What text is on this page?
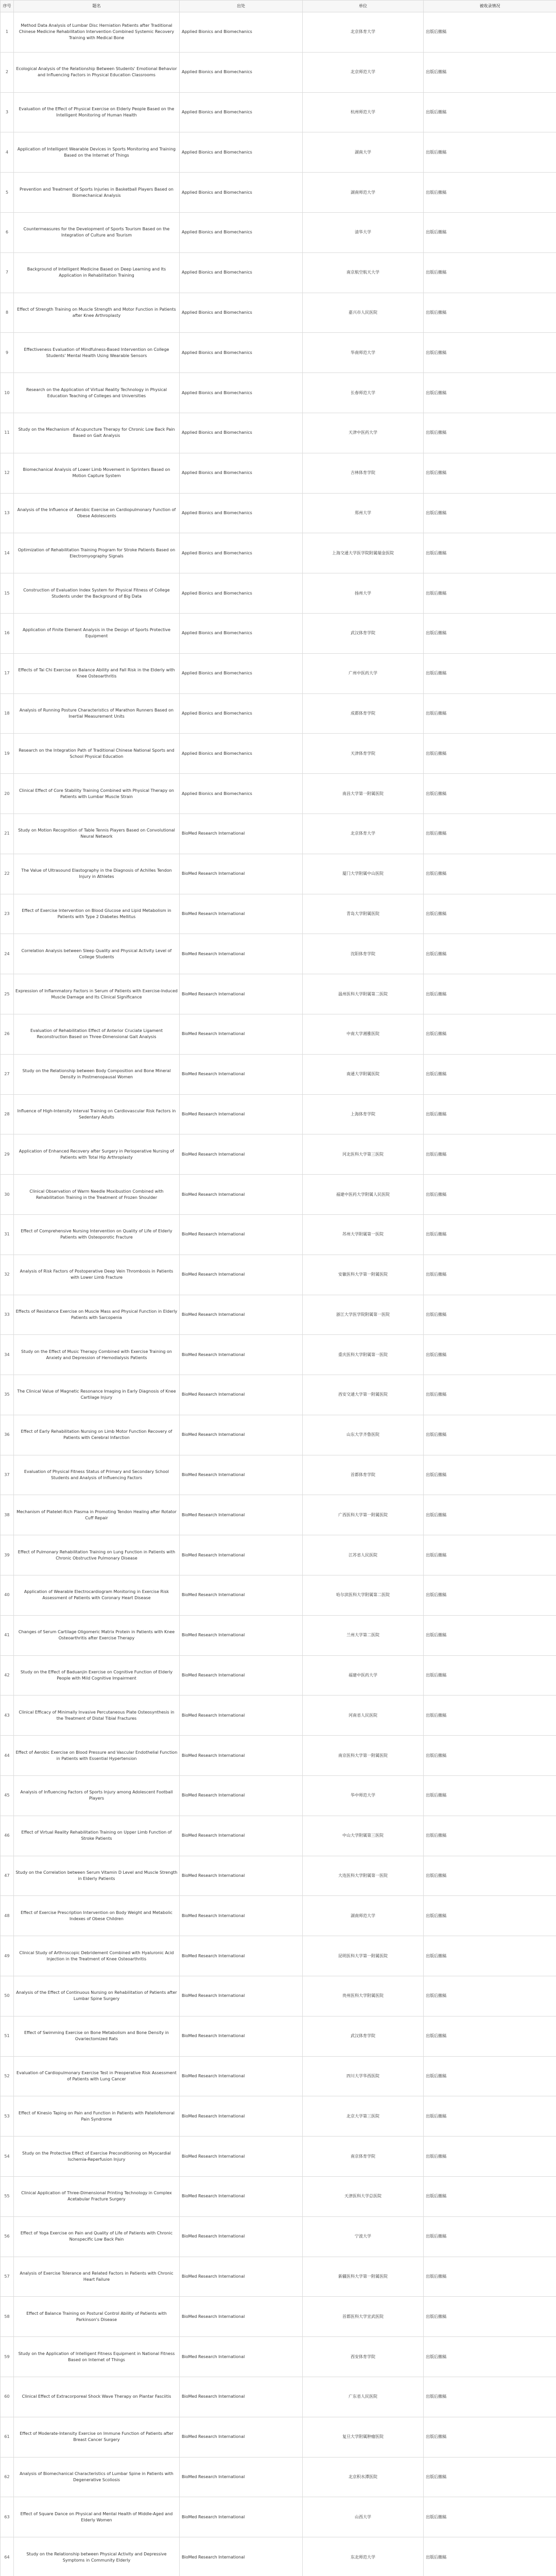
序号	题名	出处	单位	被收录情况
1	Method Data Analysis of Lumbar Disc Herniation Patients after Traditional Chinese Medicine Rehabilitation Intervention Combined Systemic Recovery Training with Medical Bone	Applied Bionics and Biomechanics	北京体育大学	出版后撤稿
2	Ecological Analysis of the Relationship Between Students' Emotional Behavior and Influencing Factors in Physical Education Classrooms	Applied Bionics and Biomechanics	北京师范大学	出版后撤稿
3	Evaluation of the Effect of Physical Exercise on Elderly People Based on the Intelligent Monitoring of Human Health	Applied Bionics and Biomechanics	杭州师范大学	出版后撤稿
4	Application of Intelligent Wearable Devices in Sports Monitoring and Training Based on the Internet of Things	Applied Bionics and Biomechanics	湖南大学	出版后撤稿
5	Prevention and Treatment of Sports Injuries in Basketball Players Based on Biomechanical Analysis	Applied Bionics and Biomechanics	湖南师范大学	出版后撤稿
6	Countermeasures for the Development of Sports Tourism Based on the Integration of Culture and Tourism	Applied Bionics and Biomechanics	清华大学	出版后撤稿
7	Background of Intelligent Medicine Based on Deep Learning and Its Application in Rehabilitation Training	Applied Bionics and Biomechanics	南京航空航天大学	出版后撤稿
8	Effect of Strength Training on Muscle Strength and Motor Function in Patients after Knee Arthroplasty	Applied Bionics and Biomechanics	嘉兴市人民医院	出版后撤稿
9	Effectiveness Evaluation of Mindfulness-Based Intervention on College Students' Mental Health Using Wearable Sensors	Applied Bionics and Biomechanics	华南师范大学	出版后撤稿
10	Research on the Application of Virtual Reality Technology in Physical Education Teaching of Colleges and Universities	Applied Bionics and Biomechanics	长春师范大学	出版后撤稿
11	Study on the Mechanism of Acupuncture Therapy for Chronic Low Back Pain Based on Gait Analysis	Applied Bionics and Biomechanics	天津中医药大学	出版后撤稿
12	Biomechanical Analysis of Lower Limb Movement in Sprinters Based on Motion Capture System	Applied Bionics and Biomechanics	吉林体育学院	出版后撤稿
13	Analysis of the Influence of Aerobic Exercise on Cardiopulmonary Function of Obese Adolescents	Applied Bionics and Biomechanics	郑州大学	出版后撤稿
14	Optimization of Rehabilitation Training Program for Stroke Patients Based on Electromyography Signals	Applied Bionics and Biomechanics	上海交通大学医学院附属瑞金医院	出版后撤稿
15	Construction of Evaluation Index System for Physical Fitness of College Students under the Background of Big Data	Applied Bionics and Biomechanics	扬州大学	出版后撤稿
16	Application of Finite Element Analysis in the Design of Sports Protective Equipment	Applied Bionics and Biomechanics	武汉体育学院	出版后撤稿
17	Effects of Tai Chi Exercise on Balance Ability and Fall Risk in the Elderly with Knee Osteoarthritis	Applied Bionics and Biomechanics	广州中医药大学	出版后撤稿
18	Analysis of Running Posture Characteristics of Marathon Runners Based on Inertial Measurement Units	Applied Bionics and Biomechanics	成都体育学院	出版后撤稿
19	Research on the Integration Path of Traditional Chinese National Sports and School Physical Education	Applied Bionics and Biomechanics	天津体育学院	出版后撤稿
20	Clinical Effect of Core Stability Training Combined with Physical Therapy on Patients with Lumbar Muscle Strain	Applied Bionics and Biomechanics	南昌大学第一附属医院	出版后撤稿
21	Study on Motion Recognition of Table Tennis Players Based on Convolutional Neural Network	BioMed Research International	北京体育大学	出版后撤稿
22	The Value of Ultrasound Elastography in the Diagnosis of Achilles Tendon Injury in Athletes	BioMed Research International	厦门大学附属中山医院	出版后撤稿
23	Effect of Exercise Intervention on Blood Glucose and Lipid Metabolism in Patients with Type 2 Diabetes Mellitus	BioMed Research International	青岛大学附属医院	出版后撤稿
24	Correlation Analysis between Sleep Quality and Physical Activity Level of College Students	BioMed Research International	沈阳体育学院	出版后撤稿
25	Expression of Inflammatory Factors in Serum of Patients with Exercise-Induced Muscle Damage and Its Clinical Significance	BioMed Research International	温州医科大学附属第二医院	出版后撤稿
26	Evaluation of Rehabilitation Effect of Anterior Cruciate Ligament Reconstruction Based on Three-Dimensional Gait Analysis	BioMed Research International	中南大学湘雅医院	出版后撤稿
27	Study on the Relationship between Body Composition and Bone Mineral Density in Postmenopausal Women	BioMed Research International	南通大学附属医院	出版后撤稿
28	Influence of High-Intensity Interval Training on Cardiovascular Risk Factors in Sedentary Adults	BioMed Research International	上海体育学院	出版后撤稿
29	Application of Enhanced Recovery after Surgery in Perioperative Nursing of Patients with Total Hip Arthroplasty	BioMed Research International	河北医科大学第三医院	出版后撤稿
30	Clinical Observation of Warm Needle Moxibustion Combined with Rehabilitation Training in the Treatment of Frozen Shoulder	BioMed Research International	福建中医药大学附属人民医院	出版后撤稿
31	Effect of Comprehensive Nursing Intervention on Quality of Life of Elderly Patients with Osteoporotic Fracture	BioMed Research International	苏州大学附属第一医院	出版后撤稿
32	Analysis of Risk Factors of Postoperative Deep Vein Thrombosis in Patients with Lower Limb Fracture	BioMed Research International	安徽医科大学第一附属医院	出版后撤稿
33	Effects of Resistance Exercise on Muscle Mass and Physical Function in Elderly Patients with Sarcopenia	BioMed Research International	浙江大学医学院附属第一医院	出版后撤稿
34	Study on the Effect of Music Therapy Combined with Exercise Training on Anxiety and Depression of Hemodialysis Patients	BioMed Research International	重庆医科大学附属第一医院	出版后撤稿
35	The Clinical Value of Magnetic Resonance Imaging in Early Diagnosis of Knee Cartilage Injury	BioMed Research International	西安交通大学第一附属医院	出版后撤稿
36	Effect of Early Rehabilitation Nursing on Limb Motor Function Recovery of Patients with Cerebral Infarction	BioMed Research International	山东大学齐鲁医院	出版后撤稿
37	Evaluation of Physical Fitness Status of Primary and Secondary School Students and Analysis of Influencing Factors	BioMed Research International	首都体育学院	出版后撤稿
38	Mechanism of Platelet-Rich Plasma in Promoting Tendon Healing after Rotator Cuff Repair	BioMed Research International	广西医科大学第一附属医院	出版后撤稿
39	Effect of Pulmonary Rehabilitation Training on Lung Function in Patients with Chronic Obstructive Pulmonary Disease	BioMed Research International	江苏省人民医院	出版后撤稿
40	Application of Wearable Electrocardiogram Monitoring in Exercise Risk Assessment of Patients with Coronary Heart Disease	BioMed Research International	哈尔滨医科大学附属第二医院	出版后撤稿
41	Changes of Serum Cartilage Oligomeric Matrix Protein in Patients with Knee Osteoarthritis after Exercise Therapy	BioMed Research International	兰州大学第二医院	出版后撤稿
42	Study on the Effect of Baduanjin Exercise on Cognitive Function of Elderly People with Mild Cognitive Impairment	BioMed Research International	福建中医药大学	出版后撤稿
43	Clinical Efficacy of Minimally Invasive Percutaneous Plate Osteosynthesis in the Treatment of Distal Tibial Fractures	BioMed Research International	河南省人民医院	出版后撤稿
44	Effect of Aerobic Exercise on Blood Pressure and Vascular Endothelial Function in Patients with Essential Hypertension	BioMed Research International	南京医科大学第一附属医院	出版后撤稿
45	Analysis of Influencing Factors of Sports Injury among Adolescent Football Players	BioMed Research International	华中师范大学	出版后撤稿
46	Effect of Virtual Reality Rehabilitation Training on Upper Limb Function of Stroke Patients	BioMed Research International	中山大学附属第三医院	出版后撤稿
47	Study on the Correlation between Serum Vitamin D Level and Muscle Strength in Elderly Patients	BioMed Research International	大连医科大学附属第一医院	出版后撤稿
48	Effect of Exercise Prescription Intervention on Body Weight and Metabolic Indexes of Obese Children	BioMed Research International	湖南师范大学	出版后撤稿
49	Clinical Study of Arthroscopic Debridement Combined with Hyaluronic Acid Injection in the Treatment of Knee Osteoarthritis	BioMed Research International	昆明医科大学第一附属医院	出版后撤稿
50	Analysis of the Effect of Continuous Nursing on Rehabilitation of Patients after Lumbar Spine Surgery	BioMed Research International	贵州医科大学附属医院	出版后撤稿
51	Effect of Swimming Exercise on Bone Metabolism and Bone Density in Ovariectomized Rats	BioMed Research International	武汉体育学院	出版后撤稿
52	Evaluation of Cardiopulmonary Exercise Test in Preoperative Risk Assessment of Patients with Lung Cancer	BioMed Research International	四川大学华西医院	出版后撤稿
53	Effect of Kinesio Taping on Pain and Function in Patients with Patellofemoral Pain Syndrome	BioMed Research International	北京大学第三医院	出版后撤稿
54	Study on the Protective Effect of Exercise Preconditioning on Myocardial Ischemia-Reperfusion Injury	BioMed Research International	南京体育学院	出版后撤稿
55	Clinical Application of Three-Dimensional Printing Technology in Complex Acetabular Fracture Surgery	BioMed Research International	天津医科大学总医院	出版后撤稿
56	Effect of Yoga Exercise on Pain and Quality of Life of Patients with Chronic Nonspecific Low Back Pain	BioMed Research International	宁波大学	出版后撤稿
57	Analysis of Exercise Tolerance and Related Factors in Patients with Chronic Heart Failure	BioMed Research International	新疆医科大学第一附属医院	出版后撤稿
58	Effect of Balance Training on Postural Control Ability of Patients with Parkinson's Disease	BioMed Research International	首都医科大学宣武医院	出版后撤稿
59	Study on the Application of Intelligent Fitness Equipment in National Fitness Based on Internet of Things	BioMed Research International	西安体育学院	出版后撤稿
60	Clinical Effect of Extracorporeal Shock Wave Therapy on Plantar Fasciitis	BioMed Research International	广东省人民医院	出版后撤稿
61	Effect of Moderate-Intensity Exercise on Immune Function of Patients after Breast Cancer Surgery	BioMed Research International	复旦大学附属肿瘤医院	出版后撤稿
62	Analysis of Biomechanical Characteristics of Lumbar Spine in Patients with Degenerative Scoliosis	BioMed Research International	北京积水潭医院	出版后撤稿
63	Effect of Square Dance on Physical and Mental Health of Middle-Aged and Elderly Women	BioMed Research International	山西大学	出版后撤稿
64	Study on the Relationship between Physical Activity and Depressive Symptoms in Community Elderly	BioMed Research International	东北师范大学	出版后撤稿
